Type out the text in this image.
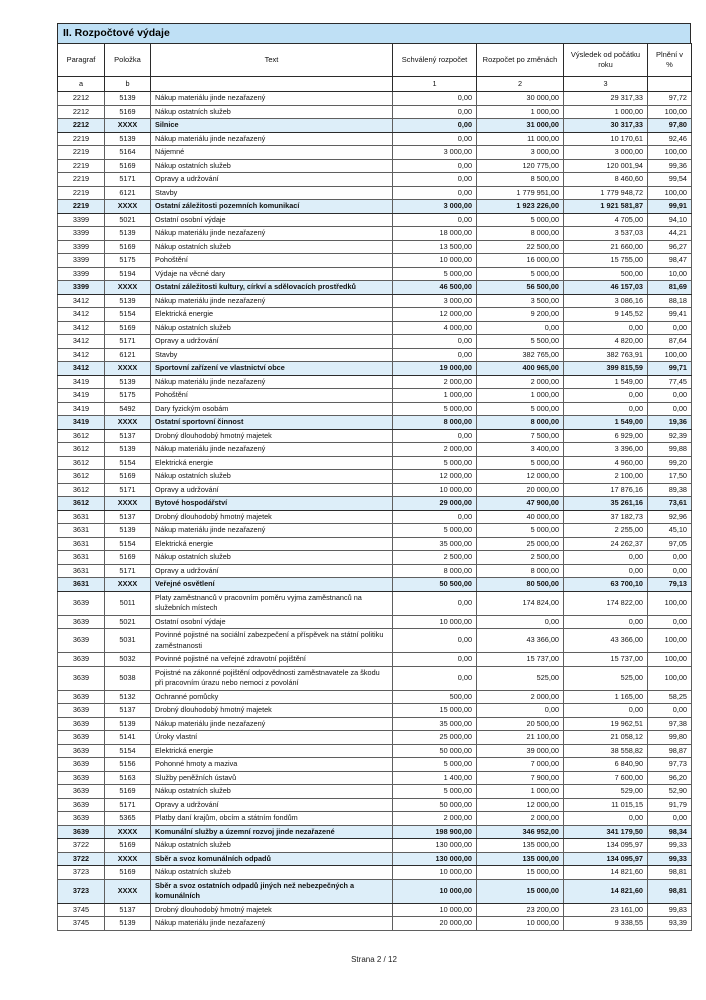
II. Rozpočtové výdaje
Paragraf	Položka	Text	Schválený rozpočet	Rozpočet po změnách	Výsledek od počátku roku	Plnění v %
a	b		1	2	3	
2212	5139	Nákup materiálu jinde nezařazený	0,00	30 000,00	29 317,33	97,72
2212	5169	Nákup ostatních služeb	0,00	1 000,00	1 000,00	100,00
2212	XXXX	Silnice	0,00	31 000,00	30 317,33	97,80
2219	5139	Nákup materiálu jinde nezařazený	0,00	11 000,00	10 170,61	92,46
2219	5164	Nájemné	3 000,00	3 000,00	3 000,00	100,00
2219	5169	Nákup ostatních služeb	0,00	120 775,00	120 001,94	99,36
2219	5171	Opravy a udržování	0,00	8 500,00	8 460,60	99,54
2219	6121	Stavby	0,00	1 779 951,00	1 779 948,72	100,00
2219	XXXX	Ostatní záležitosti pozemních komunikací	3 000,00	1 923 226,00	1 921 581,87	99,91
3399	5021	Ostatní osobní výdaje	0,00	5 000,00	4 705,00	94,10
3399	5139	Nákup materiálu jinde nezařazený	18 000,00	8 000,00	3 537,03	44,21
3399	5169	Nákup ostatních služeb	13 500,00	22 500,00	21 660,00	96,27
3399	5175	Pohoštění	10 000,00	16 000,00	15 755,00	98,47
3399	5194	Výdaje na věcné dary	5 000,00	5 000,00	500,00	10,00
3399	XXXX	Ostatní záležitosti kultury, církví a sdělovacích prostředků	46 500,00	56 500,00	46 157,03	81,69
3412	5139	Nákup materiálu jinde nezařazený	3 000,00	3 500,00	3 086,16	88,18
3412	5154	Elektrická energie	12 000,00	9 200,00	9 145,52	99,41
3412	5169	Nákup ostatních služeb	4 000,00	0,00	0,00	0,00
3412	5171	Opravy a udržování	0,00	5 500,00	4 820,00	87,64
3412	6121	Stavby	0,00	382 765,00	382 763,91	100,00
3412	XXXX	Sportovní zařízení ve vlastnictví obce	19 000,00	400 965,00	399 815,59	99,71
3419	5139	Nákup materiálu jinde nezařazený	2 000,00	2 000,00	1 549,00	77,45
3419	5175	Pohoštění	1 000,00	1 000,00	0,00	0,00
3419	5492	Dary fyzickým osobám	5 000,00	5 000,00	0,00	0,00
3419	XXXX	Ostatní sportovní činnost	8 000,00	8 000,00	1 549,00	19,36
3612	5137	Drobný dlouhodobý hmotný majetek	0,00	7 500,00	6 929,00	92,39
3612	5139	Nákup materiálu jinde nezařazený	2 000,00	3 400,00	3 396,00	99,88
3612	5154	Elektrická energie	5 000,00	5 000,00	4 960,00	99,20
3612	5169	Nákup ostatních služeb	12 000,00	12 000,00	2 100,00	17,50
3612	5171	Opravy a udržování	10 000,00	20 000,00	17 876,16	89,38
3612	XXXX	Bytové hospodářství	29 000,00	47 900,00	35 261,16	73,61
3631	5137	Drobný dlouhodobý hmotný majetek	0,00	40 000,00	37 182,73	92,96
3631	5139	Nákup materiálu jinde nezařazený	5 000,00	5 000,00	2 255,00	45,10
3631	5154	Elektrická energie	35 000,00	25 000,00	24 262,37	97,05
3631	5169	Nákup ostatních služeb	2 500,00	2 500,00	0,00	0,00
3631	5171	Opravy a udržování	8 000,00	8 000,00	0,00	0,00
3631	XXXX	Veřejné osvětlení	50 500,00	80 500,00	63 700,10	79,13
3639	5011	Platy zaměstnanců v pracovním poměru vyjma zaměstnanců na služebních místech	0,00	174 824,00	174 822,00	100,00
3639	5021	Ostatní osobní výdaje	10 000,00	0,00	0,00	0,00
3639	5031	Povinné pojistné na sociální zabezpečení a příspěvek na státní politiku zaměstnanosti	0,00	43 366,00	43 366,00	100,00
3639	5032	Povinné pojistné na veřejné zdravotní pojištění	0,00	15 737,00	15 737,00	100,00
3639	5038	Pojistné na zákonné pojištění odpovědnosti zaměstnavatele za škodu při pracovním úrazu nebo nemoci z povolání	0,00	525,00	525,00	100,00
3639	5132	Ochranné pomůcky	500,00	2 000,00	1 165,00	58,25
3639	5137	Drobný dlouhodobý hmotný majetek	15 000,00	0,00	0,00	0,00
3639	5139	Nákup materiálu jinde nezařazený	35 000,00	20 500,00	19 962,51	97,38
3639	5141	Úroky vlastní	25 000,00	21 100,00	21 058,12	99,80
3639	5154	Elektrická energie	50 000,00	39 000,00	38 558,82	98,87
3639	5156	Pohonné hmoty a maziva	5 000,00	7 000,00	6 840,90	97,73
3639	5163	Služby peněžních ústavů	1 400,00	7 900,00	7 600,00	96,20
3639	5169	Nákup ostatních služeb	5 000,00	1 000,00	529,00	52,90
3639	5171	Opravy a udržování	50 000,00	12 000,00	11 015,15	91,79
3639	5365	Platby daní krajům, obcím a státním fondům	2 000,00	2 000,00	0,00	0,00
3639	XXXX	Komunální služby a územní rozvoj jinde nezařazené	198 900,00	346 952,00	341 179,50	98,34
3722	5169	Nákup ostatních služeb	130 000,00	135 000,00	134 095,97	99,33
3722	XXXX	Sběr a svoz komunálních odpadů	130 000,00	135 000,00	134 095,97	99,33
3723	5169	Nákup ostatních služeb	10 000,00	15 000,00	14 821,60	98,81
3723	XXXX	Sběr a svoz ostatních odpadů jiných než nebezpečných a komunálních	10 000,00	15 000,00	14 821,60	98,81
3745	5137	Drobný dlouhodobý hmotný majetek	10 000,00	23 200,00	23 161,00	99,83
3745	5139	Nákup materiálu jinde nezařazený	20 000,00	10 000,00	9 338,55	93,39
Strana 2 / 12
